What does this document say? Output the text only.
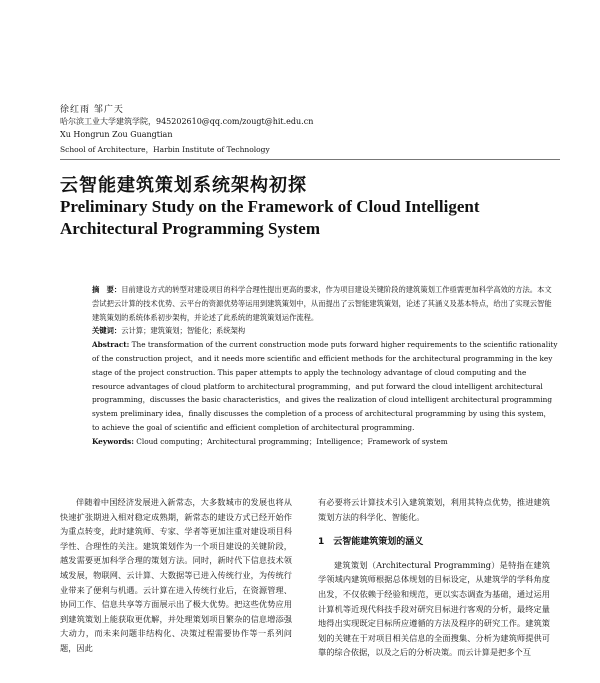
徐红雨 邹广天
哈尔滨工业大学建筑学院，945202610@qq.com/zougt@hit.edu.cn
Xu Hongrun Zou Guangtian
School of Architecture，Harbin Institute of Technology
云智能建筑策划系统架构初探
Preliminary Study on the Framework of Cloud Intelligent Architectural Programming System

摘　要：目前建设方式的转型对建设项目的科学合理性提出更高的要求，作为项目建设关键阶段的建筑策划工作亟需更加科学高效的方法。本文尝试把云计算的技术优势、云平台的资源优势等运用到建筑策划中，从而提出了云智能建筑策划，论述了其涵义及基本特点，给出了实现云智能建筑策划的系统体系初步架构，并论述了此系统的建筑策划运作流程。

关键词：云计算；建筑策划；智能化；系统架构

Abstract: The transformation of the current construction mode puts forward higher requirements to the scientific rationality of the construction project，and it needs more scientific and efficient methods for the architectural programming in the key stage of the project construction. This paper attempts to apply the technology advantage of cloud computing and the resource advantages of cloud platform to architectural programming，and put forward the cloud intelligent architectural programming，discusses the basic characteristics，and gives the realization of cloud intelligent architectural programming system preliminary idea，finally discusses the completion of a process of architectural programming by using this system，to achieve the goal of scientific and efficient completion of architectural programming.

Keywords: Cloud computing；Architectural programming；Intelligence；Framework of system

伴随着中国经济发展进入新常态，大多数城市的发展也将从快速扩张期进入相对稳定成熟期，新常态的建设方式已经开始作为重点转变，此时建筑师、专家、学者等更加注重对建设项目科学性、合理性的关注。建筑策划作为一个项目建设的关键阶段，越发需要更加科学合理的策划方法。同时，新时代下信息技术领域发展，物联网、云计算、大数据等已进入传统行业，为传统行业带来了便利与机遇。云计算在进入传统行业后，在资源管理、协同工作、信息共享等方面展示出了极大优势。把这些优势应用到建筑策划上能获取更优解，并处理策划项目繁杂的信息增添强大动力，而未来问题非结构化、决策过程需要协作等一系列问题，因此

有必要将云计算技术引入建筑策划，利用其特点优势，推进建筑策划方法的科学化、智能化。

1　 云智能建筑策划的涵义

建筑策划（Architectural Programming）是特指在建筑学领域内建筑师根据总体规划的目标设定，从建筑学的学科角度出发，不仅依赖于经验和规范，更以实态调查为基础，通过运用计算机等近现代科技手段对研究目标进行客观的分析，最终定量地得出实现既定目标所应遵循的方法及程序的研究工作。建筑策划的关键在于对项目相关信息的全面搜集、分析为建筑师提供可靠的综合依据，以及之后的分析决策。而云计算是把多个互
